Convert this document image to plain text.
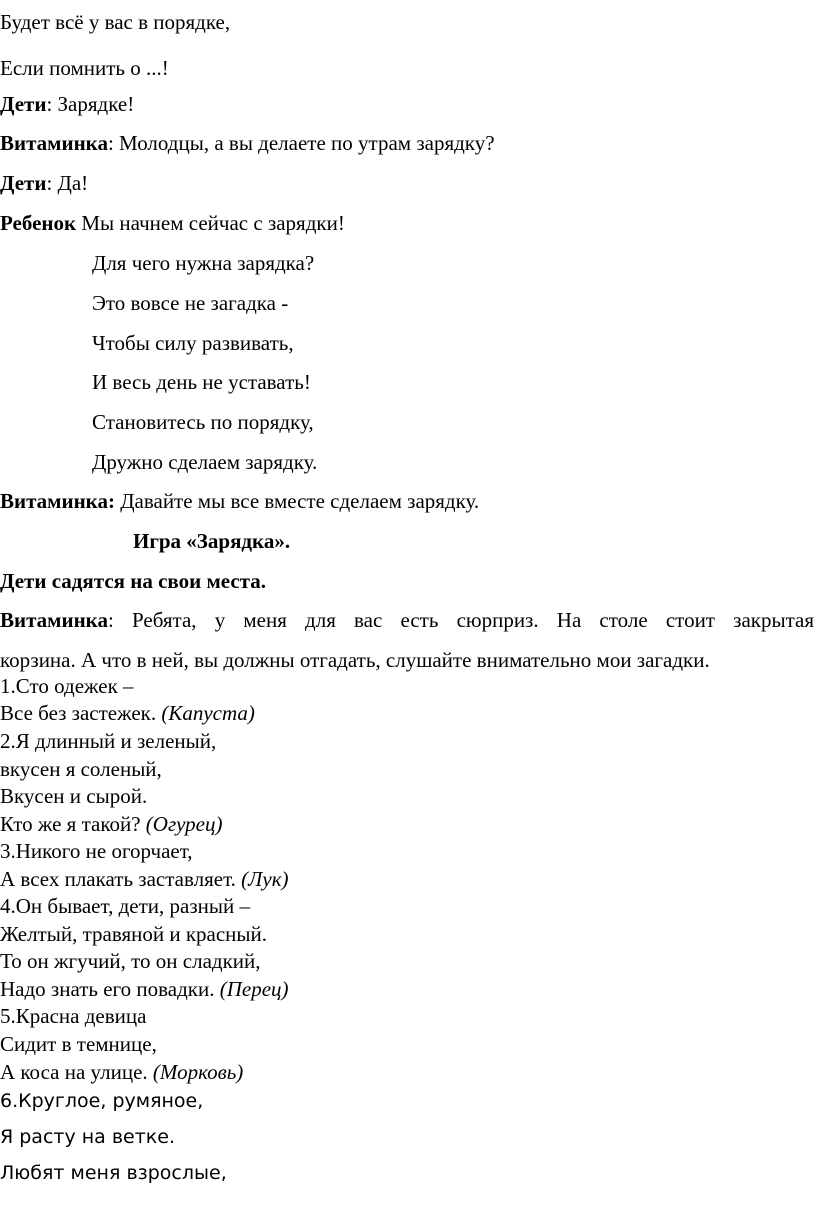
Будет всё у вас в порядке,
Если помнить о ...!
Дети: Зарядке!
Витаминка: Молодцы, а вы делаете по утрам зарядку?
Дети: Да!
Ребенок Мы начнем сейчас с зарядки!
Для чего нужна зарядка?
Это вовсе не загадка -
Чтобы силу развивать,
И весь день не уставать!
Становитесь по порядку,
Дружно сделаем зарядку.
Витаминка: Давайте мы все вместе сделаем зарядку.
Игра «Зарядка».
Дети садятся на свои места.
Витаминка: Ребята, у меня для вас есть сюрприз. На столе стоит закрытая
корзина. А что в ней, вы должны отгадать, слушайте внимательно мои загадки.
1.Сто одежек –
Все без застежек. (Капуста)
2.Я длинный и зеленый,
вкусен я соленый,
Вкусен и сырой.
Кто же я такой? (Огурец)
3.Никого не огорчает,
А всех плакать заставляет. (Лук)
4.Он бывает, дети, разный –
Желтый, травяной и красный.
То он жгучий, то он сладкий,
Надо знать его повадки. (Перец)
5.Красна девица
Сидит в темнице,
А коса на улице. (Морковь)
6.Круглое, румяное,
Я расту на ветке.
Любят меня взрослые,
